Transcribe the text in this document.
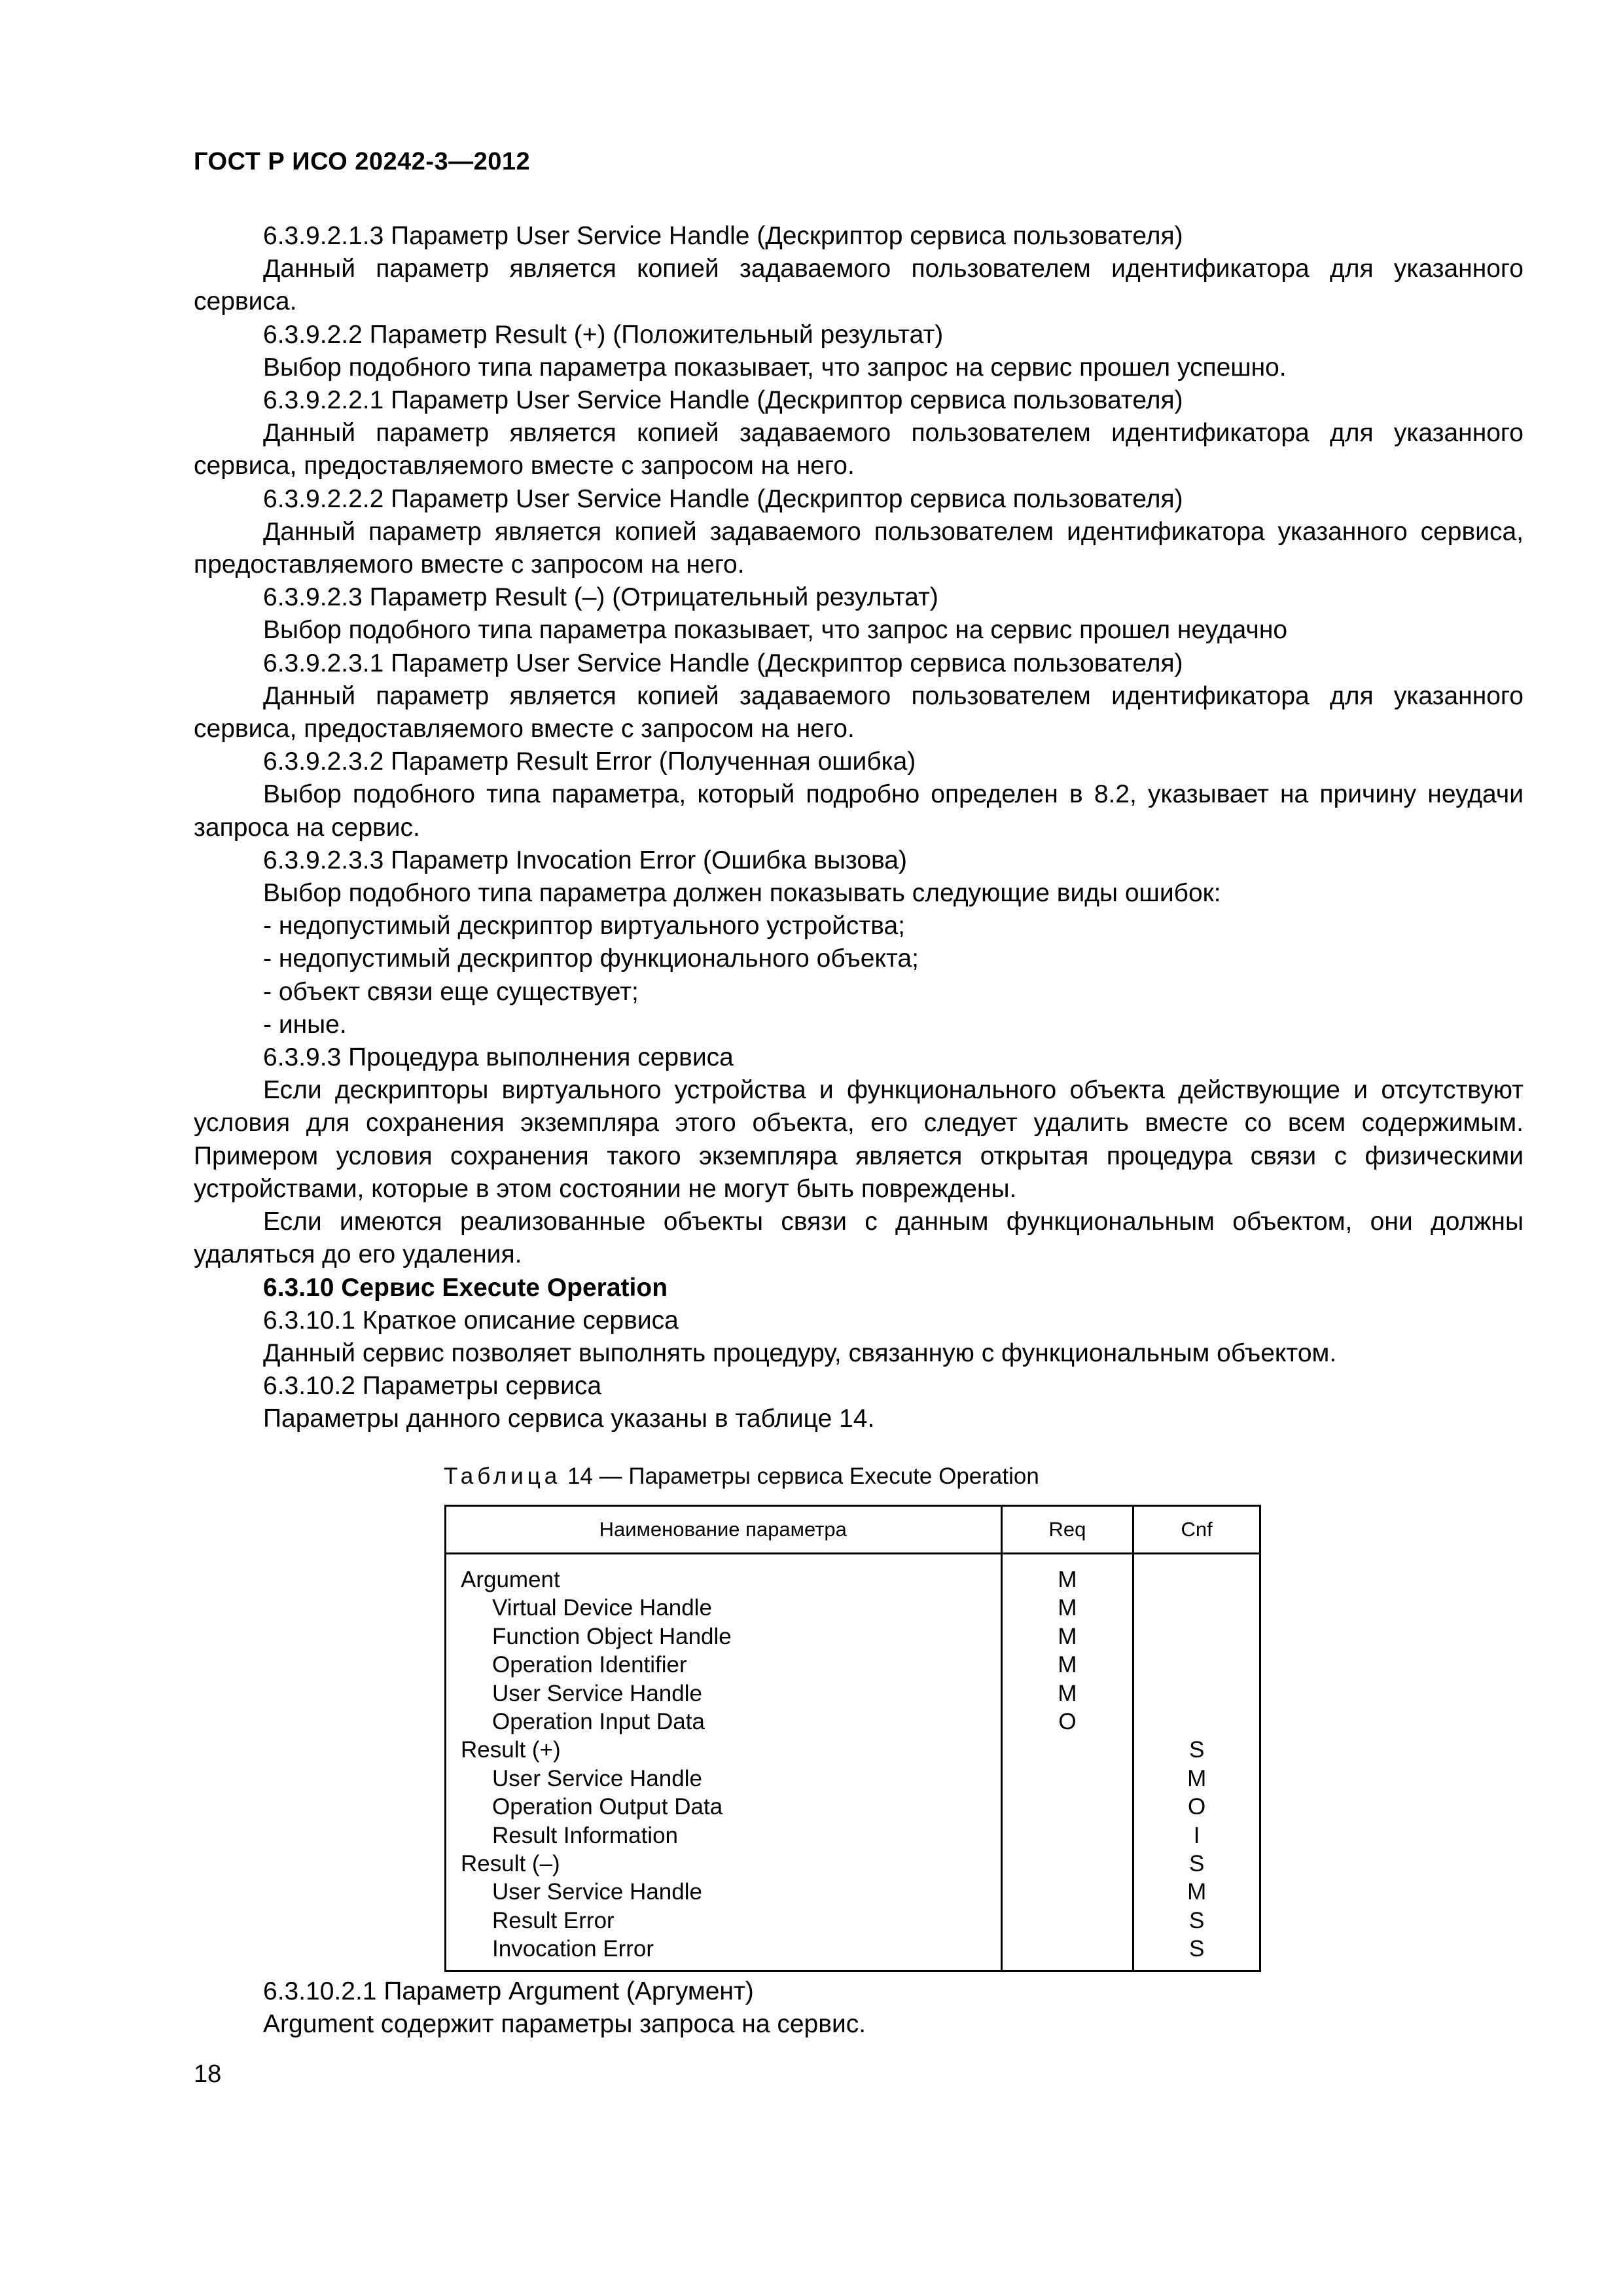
ГОСТ Р ИСО 20242-3—2012

6.3.9.2.1.3 Параметр User Service Handle (Дескриптор сервиса пользователя)

Данный параметр является копией задаваемого пользователем идентификатора для указанного сервиса.

6.3.9.2.2 Параметр Result (+) (Положительный результат)

Выбор подобного типа параметра показывает, что запрос на сервис прошел успешно.

6.3.9.2.2.1 Параметр User Service Handle (Дескриптор сервиса пользователя)

Данный параметр является копией задаваемого пользователем идентификатора для указанного сервиса, предоставляемого вместе с запросом на него.

6.3.9.2.2.2 Параметр User Service Handle (Дескриптор сервиса пользователя)

Данный параметр является копией задаваемого пользователем идентификатора указанного сервиса, предоставляемого вместе с запросом на него.

6.3.9.2.3 Параметр Result (–) (Отрицательный результат)

Выбор подобного типа параметра показывает, что запрос на сервис прошел неудачно

6.3.9.2.3.1 Параметр User Service Handle (Дескриптор сервиса пользователя)

Данный параметр является копией задаваемого пользователем идентификатора для указанного сервиса, предоставляемого вместе с запросом на него.

6.3.9.2.3.2 Параметр Result Error (Полученная ошибка)

Выбор подобного типа параметра, который подробно определен в 8.2, указывает на причину неудачи запроса на сервис.

6.3.9.2.3.3 Параметр Invocation Error (Ошибка вызова)

Выбор подобного типа параметра должен показывать следующие виды ошибок:

- недопустимый дескриптор виртуального устройства;

- недопустимый дескриптор функционального объекта;

- объект связи еще существует;

- иные.

6.3.9.3 Процедура выполнения сервиса

Если дескрипторы виртуального устройства и функционального объекта действующие и отсутствуют условия для сохранения экземпляра этого объекта, его следует удалить вместе со всем содержимым. Примером условия сохранения такого экземпляра является открытая процедура связи с физическими устройствами, которые в этом состоянии не могут быть повреждены.

Если имеются реализованные объекты связи с данным функциональным объектом, они должны удаляться до его удаления.

6.3.10 Сервис Execute Operation

6.3.10.1 Краткое описание сервиса

Данный сервис позволяет выполнять процедуру, связанную с функциональным объектом.

6.3.10.2 Параметры сервиса

Параметры данного сервиса указаны в таблице 14.

Таблица 14 — Параметры сервиса Execute Operation
Наименование параметра	Req	Cnf

Argument	M	
Virtual Device Handle	M	
Function Object Handle	M	
Operation Identifier	M	
User Service Handle	M	
Operation Input Data	O	
Result (+)		S
User Service Handle		M
Operation Output Data		O
Result Information		I
Result (–)		S
User Service Handle		M
Result Error		S
Invocation Error		S

6.3.10.2.1 Параметр Argument (Аргумент)

Argument содержит параметры запроса на сервис.

18
